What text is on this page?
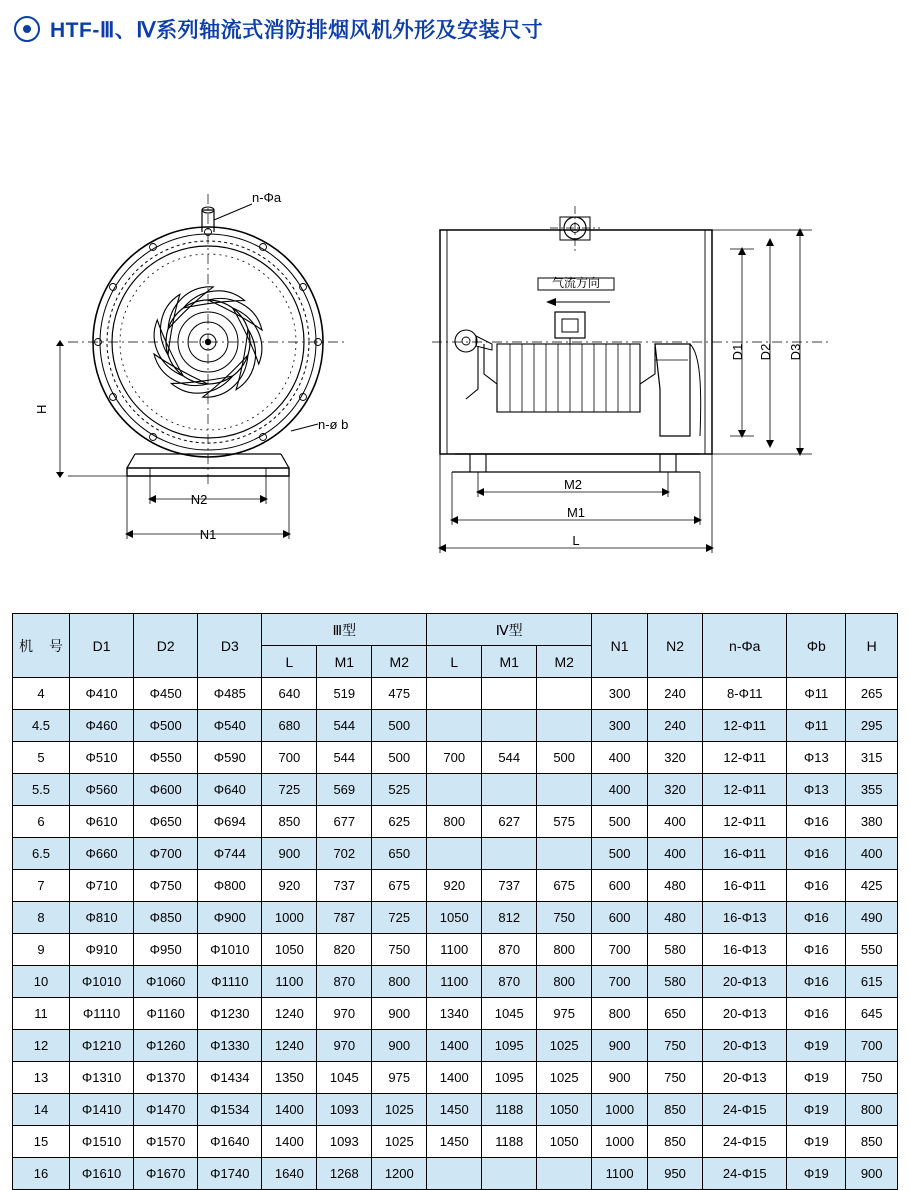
HTF-Ⅲ、Ⅳ系列轴流式消防排烟风机外形及安装尺寸
n-Φa
n-ø b
H
N2
N1
气流方向
D1 D2 D3
M2
M1
L
机 号	D1	D2	D3	Ⅲ型			Ⅳ型			N1	N2	n-Φa	Φb	H
				L	M1	M2	L	M1	M2					
4	Φ410	Φ450	Φ485	640	519	475				300	240	8-Φ11	Φ11	265
4.5	Φ460	Φ500	Φ540	680	544	500				300	240	12-Φ11	Φ11	295
5	Φ510	Φ550	Φ590	700	544	500	700	544	500	400	320	12-Φ11	Φ13	315
5.5	Φ560	Φ600	Φ640	725	569	525				400	320	12-Φ11	Φ13	355
6	Φ610	Φ650	Φ694	850	677	625	800	627	575	500	400	12-Φ11	Φ16	380
6.5	Φ660	Φ700	Φ744	900	702	650				500	400	16-Φ11	Φ16	400
7	Φ710	Φ750	Φ800	920	737	675	920	737	675	600	480	16-Φ11	Φ16	425
8	Φ810	Φ850	Φ900	1000	787	725	1050	812	750	600	480	16-Φ13	Φ16	490
9	Φ910	Φ950	Φ1010	1050	820	750	1100	870	800	700	580	16-Φ13	Φ16	550
10	Φ1010	Φ1060	Φ1110	1100	870	800	1100	870	800	700	580	20-Φ13	Φ16	615
11	Φ1110	Φ1160	Φ1230	1240	970	900	1340	1045	975	800	650	20-Φ13	Φ16	645
12	Φ1210	Φ1260	Φ1330	1240	970	900	1400	1095	1025	900	750	20-Φ13	Φ19	700
13	Φ1310	Φ1370	Φ1434	1350	1045	975	1400	1095	1025	900	750	20-Φ13	Φ19	750
14	Φ1410	Φ1470	Φ1534	1400	1093	1025	1450	1188	1050	1000	850	24-Φ15	Φ19	800
15	Φ1510	Φ1570	Φ1640	1400	1093	1025	1450	1188	1050	1000	850	24-Φ15	Φ19	850
16	Φ1610	Φ1670	Φ1740	1640	1268	1200				1100	950	24-Φ15	Φ19	900
